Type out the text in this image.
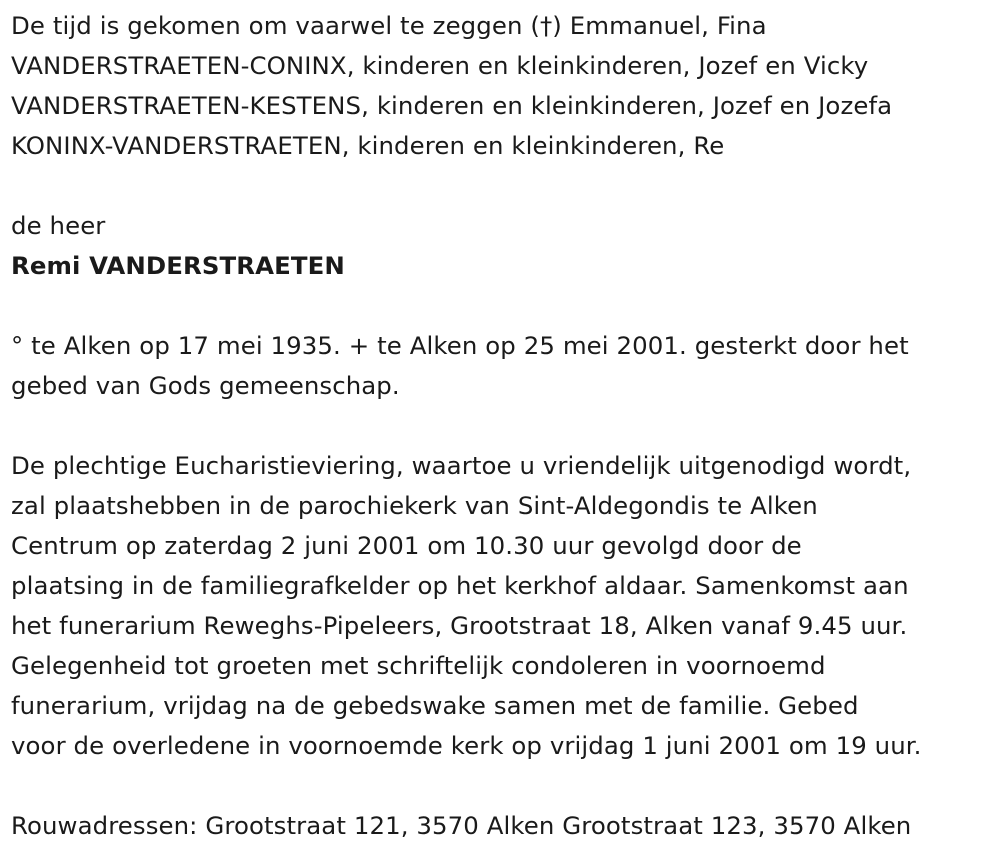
De tijd is gekomen om vaarwel te zeggen (†) Emmanuel, Fina
VANDERSTRAETEN-CONINX, kinderen en kleinkinderen, Jozef en Vicky
VANDERSTRAETEN-KESTENS, kinderen en kleinkinderen, Jozef en Jozefa
KONINX-VANDERSTRAETEN, kinderen en kleinkinderen, Re

de heer
Remi VANDERSTRAETEN

° te Alken op 17 mei 1935. + te Alken op 25 mei 2001. gesterkt door het
gebed van Gods gemeenschap.

De plechtige Eucharistieviering, waartoe u vriendelijk uitgenodigd wordt,
zal plaatshebben in de parochiekerk van Sint-Aldegondis te Alken
Centrum op zaterdag 2 juni 2001 om 10.30 uur gevolgd door de
plaatsing in de familiegrafkelder op het kerkhof aldaar. Samenkomst aan
het funerarium Reweghs-Pipeleers, Grootstraat 18, Alken vanaf 9.45 uur.
Gelegenheid tot groeten met schriftelijk condoleren in voornoemd
funerarium, vrijdag na de gebedswake samen met de familie. Gebed
voor de overledene in voornoemde kerk op vrijdag 1 juni 2001 om 19 uur.

Rouwadressen: Grootstraat 121, 3570 Alken Grootstraat 123, 3570 Alken
